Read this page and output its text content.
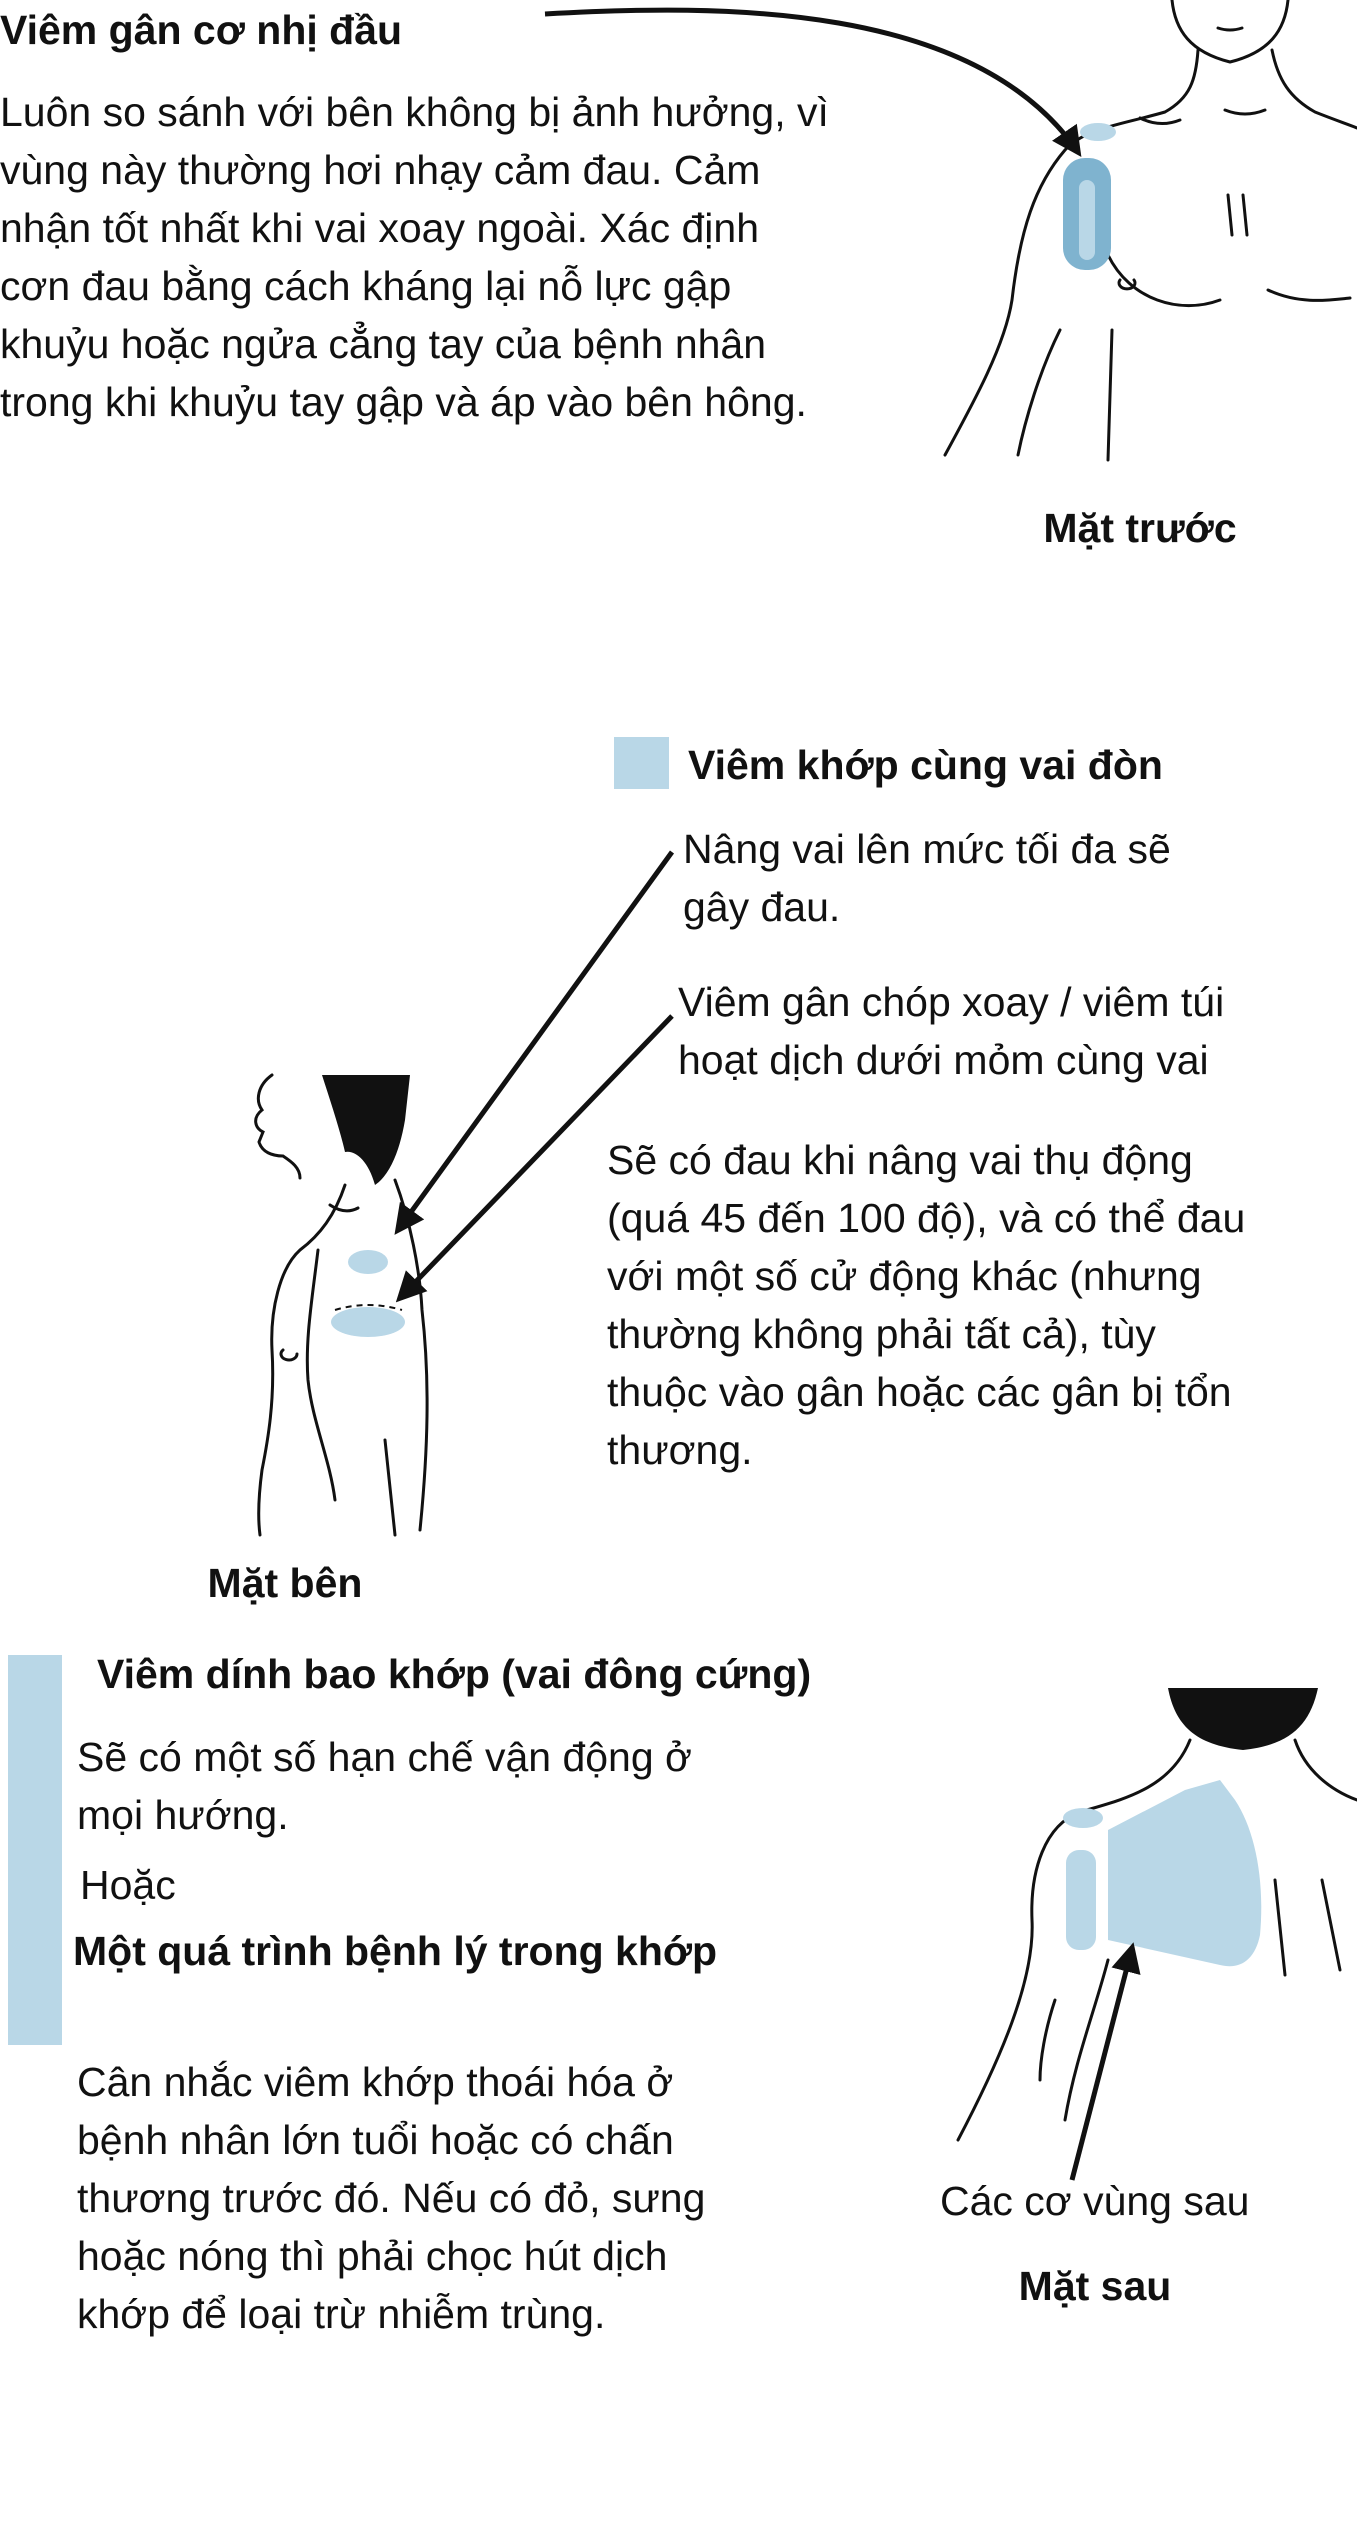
Viêm gân cơ nhị đầu
Luôn so sánh với bên không bị ảnh hưởng, vì
vùng này thường hơi nhạy cảm đau. Cảm
nhận tốt nhất khi vai xoay ngoài. Xác định
cơn đau bằng cách kháng lại nỗ lực gập
khuỷu hoặc ngửa cẳng tay của bệnh nhân
trong khi khuỷu tay gập và áp vào bên hông.
Mặt trước
Viêm khớp cùng vai đòn
Nâng vai lên mức tối đa sẽ
gây đau.
Viêm gân chóp xoay / viêm túi
hoạt dịch dưới mỏm cùng vai
Sẽ có đau khi nâng vai thụ động
(quá 45 đến 100 độ), và có thể đau
với một số cử động khác (nhưng
thường không phải tất cả), tùy
thuộc vào gân hoặc các gân bị tổn
thương.
Mặt bên
Viêm dính bao khớp (vai đông cứng)
Sẽ có một số hạn chế vận động ở
mọi hướng.
Hoặc
Một quá trình bệnh lý trong khớp
Cân nhắc viêm khớp thoái hóa ở
bệnh nhân lớn tuổi hoặc có chấn
thương trước đó. Nếu có đỏ, sưng
hoặc nóng thì phải chọc hút dịch
khớp để loại trừ nhiễm trùng.
Các cơ vùng sau
Mặt sau
